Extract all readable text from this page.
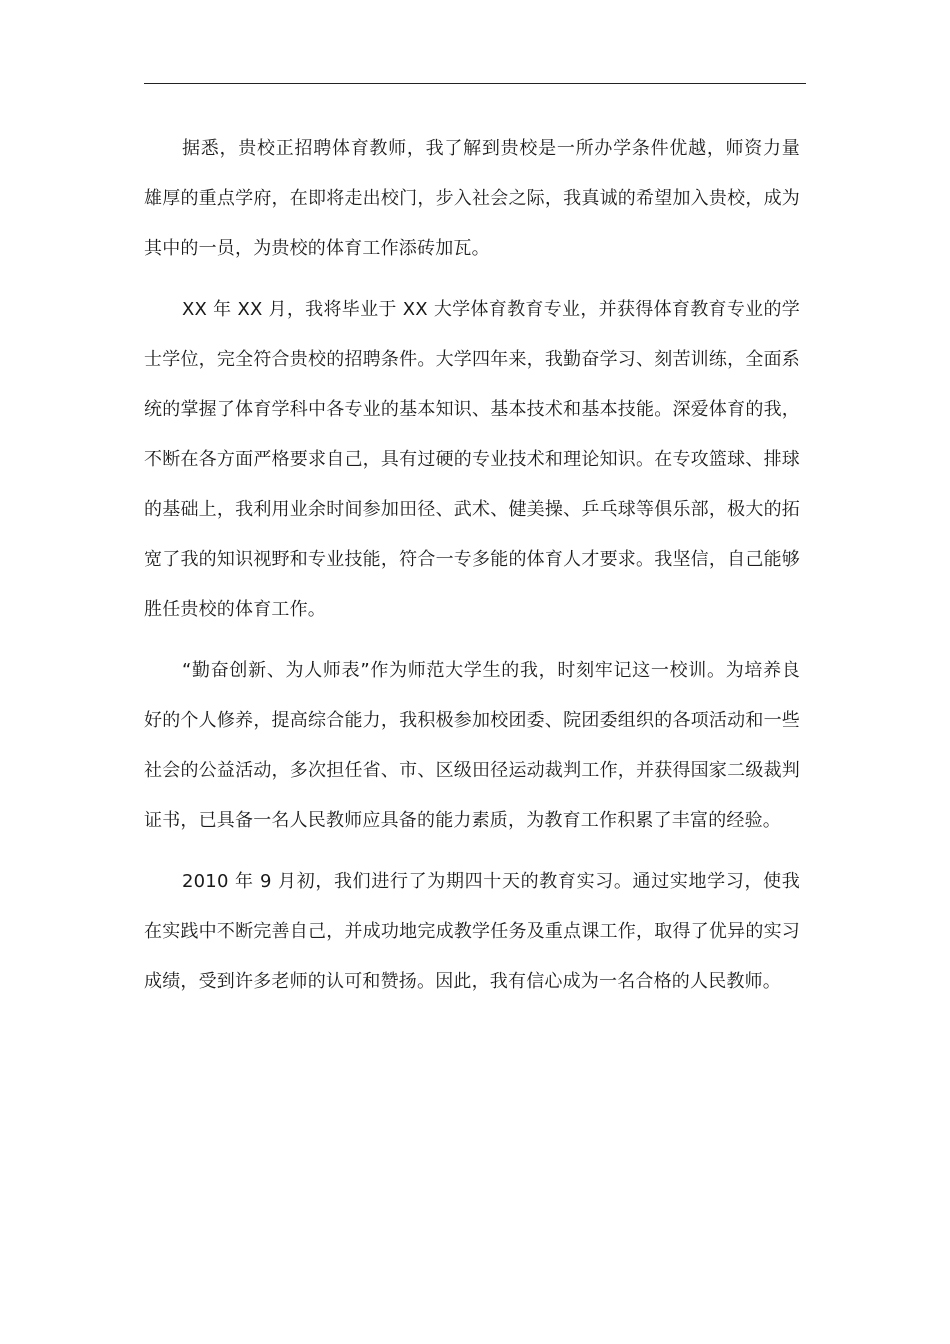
据悉，贵校正招聘体育教师，我了解到贵校是一所办学条件优越，师资力量雄厚的重点学府，在即将走出校门，步入社会之际，我真诚的希望加入贵校，成为其中的一员，为贵校的体育工作添砖加瓦。

XX 年 XX 月，我将毕业于 XX 大学体育教育专业，并获得体育教育专业的学士学位，完全符合贵校的招聘条件。大学四年来，我勤奋学习、刻苦训练，全面系统的掌握了体育学科中各专业的基本知识、基本技术和基本技能。深爱体育的我，不断在各方面严格要求自己，具有过硬的专业技术和理论知识。在专攻篮球、排球的基础上，我利用业余时间参加田径、武术、健美操、乒乓球等俱乐部，极大的拓宽了我的知识视野和专业技能，符合一专多能的体育人才要求。我坚信，自己能够胜任贵校的体育工作。

“勤奋创新、为人师表”作为师范大学生的我，时刻牢记这一校训。为培养良好的个人修养，提高综合能力，我积极参加校团委、院团委组织的各项活动和一些社会的公益活动，多次担任省、市、区级田径运动裁判工作，并获得国家二级裁判证书，已具备一名人民教师应具备的能力素质，为教育工作积累了丰富的经验。

2010 年 9 月初，我们进行了为期四十天的教育实习。通过实地学习，使我在实践中不断完善自己，并成功地完成教学任务及重点课工作，取得了优异的实习成绩，受到许多老师的认可和赞扬。因此，我有信心成为一名合格的人民教师。
